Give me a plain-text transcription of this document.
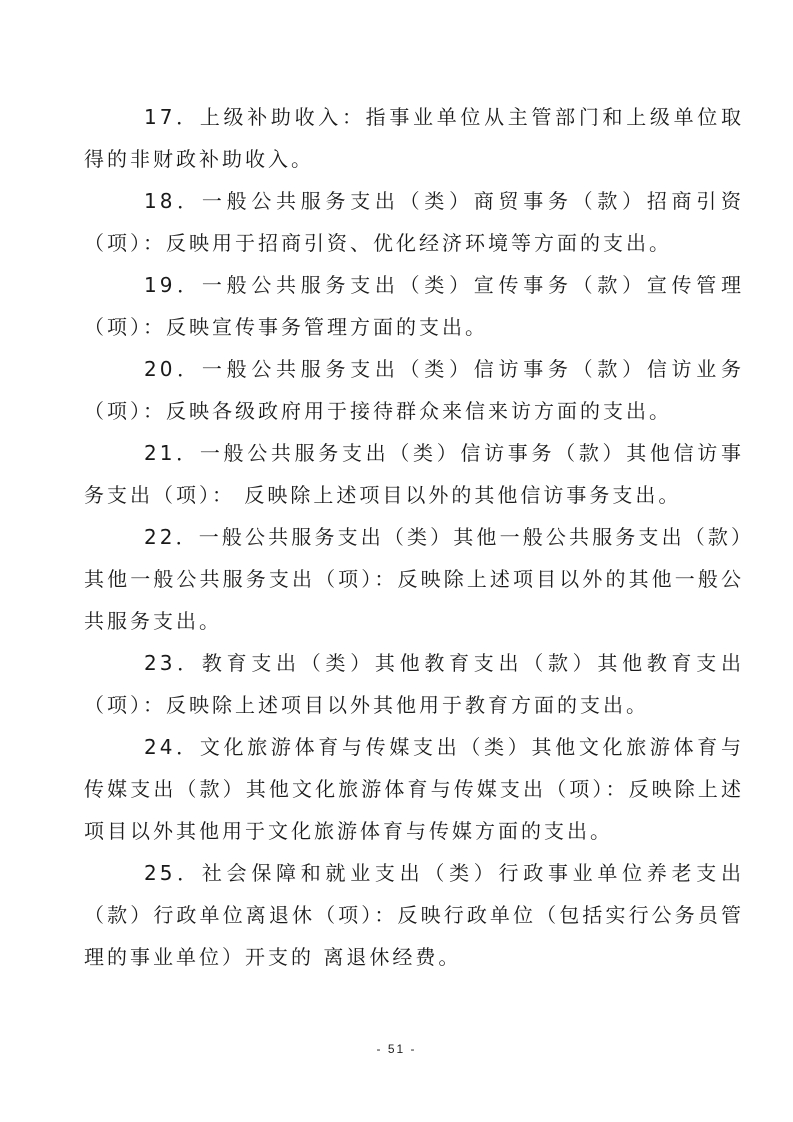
17．上级补助收入：指事业单位从主管部门和上级单位取得的非财政补助收入。

18．一般公共服务支出（类）商贸事务（款）招商引资（项）：反映用于招商引资、优化经济环境等方面的支出。

19．一般公共服务支出（类）宣传事务（款）宣传管理（项）：反映宣传事务管理方面的支出。

20．一般公共服务支出（类）信访事务（款）信访业务（项）：反映各级政府用于接待群众来信来访方面的支出。

21．一般公共服务支出（类）信访事务（款）其他信访事务支出（项）： 反映除上述项目以外的其他信访事务支出。

22．一般公共服务支出（类）其他一般公共服务支出（款）其他一般公共服务支出（项）：反映除上述项目以外的其他一般公共服务支出。

23．教育支出（类）其他教育支出（款）其他教育支出（项）：反映除上述项目以外其他用于教育方面的支出。

24．文化旅游体育与传媒支出（类）其他文化旅游体育与传媒支出（款）其他文化旅游体育与传媒支出（项）：反映除上述项目以外其他用于文化旅游体育与传媒方面的支出。

25．社会保障和就业支出（类）行政事业单位养老支出（款）行政单位离退休（项）：反映行政单位（包括实行公务员管理的事业单位）开支的 离退休经费。

- 51 -
